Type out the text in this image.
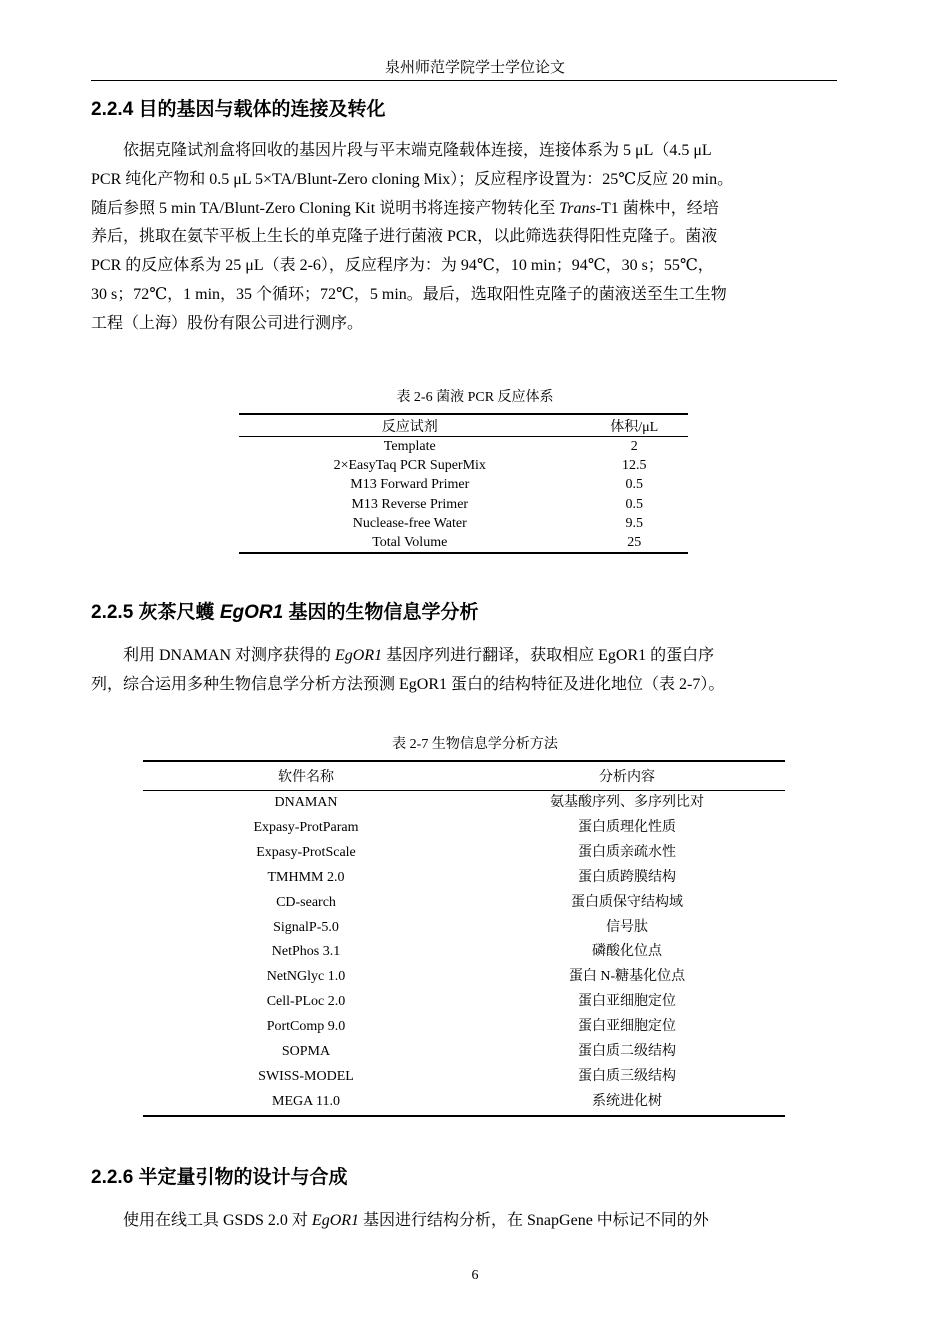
泉州师范学院学士学位论文
2.2.4 目的基因与载体的连接及转化
依据克隆试剂盒将回收的基因片段与平末端克隆载体连接，连接体系为 5 μL（4.5 μL
PCR 纯化产物和 0.5 μL 5×TA/Blunt-Zero cloning Mix）；反应程序设置为：25℃反应 20 min。
随后参照 5 min TA/Blunt-Zero Cloning Kit 说明书将连接产物转化至 Trans-T1 菌株中，经培
养后，挑取在氨苄平板上生长的单克隆子进行菌液 PCR，以此筛选获得阳性克隆子。菌液
PCR 的反应体系为 25 μL（表 2-6），反应程序为：为 94℃，10 min；94℃，30 s；55℃，
30 s；72℃，1 min，35 个循环；72℃，5 min。最后，选取阳性克隆子的菌液送至生工生物
工程（上海）股份有限公司进行测序。
表 2-6 菌液 PCR 反应体系
反应试剂	体积/μL
Template	2
2×EasyTaq PCR SuperMix	12.5
M13 Forward Primer	0.5
M13 Reverse Primer	0.5
Nuclease-free Water	9.5
Total Volume	25
2.2.5 灰茶尺蠖 EgOR1 基因的生物信息学分析
利用 DNAMAN 对测序获得的 EgOR1 基因序列进行翻译，获取相应 EgOR1 的蛋白序
列，综合运用多种生物信息学分析方法预测 EgOR1 蛋白的结构特征及进化地位（表 2-7）。
表 2-7 生物信息学分析方法
软件名称	分析内容
DNAMAN	氨基酸序列、多序列比对
Expasy-ProtParam	蛋白质理化性质
Expasy-ProtScale	蛋白质亲疏水性
TMHMM 2.0	蛋白质跨膜结构
CD-search	蛋白质保守结构域
SignalP-5.0	信号肽
NetPhos 3.1	磷酸化位点
NetNGlyc 1.0	蛋白 N-糖基化位点
Cell-PLoc 2.0	蛋白亚细胞定位
PortComp 9.0	蛋白亚细胞定位
SOPMA	蛋白质二级结构
SWISS-MODEL	蛋白质三级结构
MEGA 11.0	系统进化树
2.2.6 半定量引物的设计与合成
使用在线工具 GSDS 2.0 对 EgOR1 基因进行结构分析，在 SnapGene 中标记不同的外
6
